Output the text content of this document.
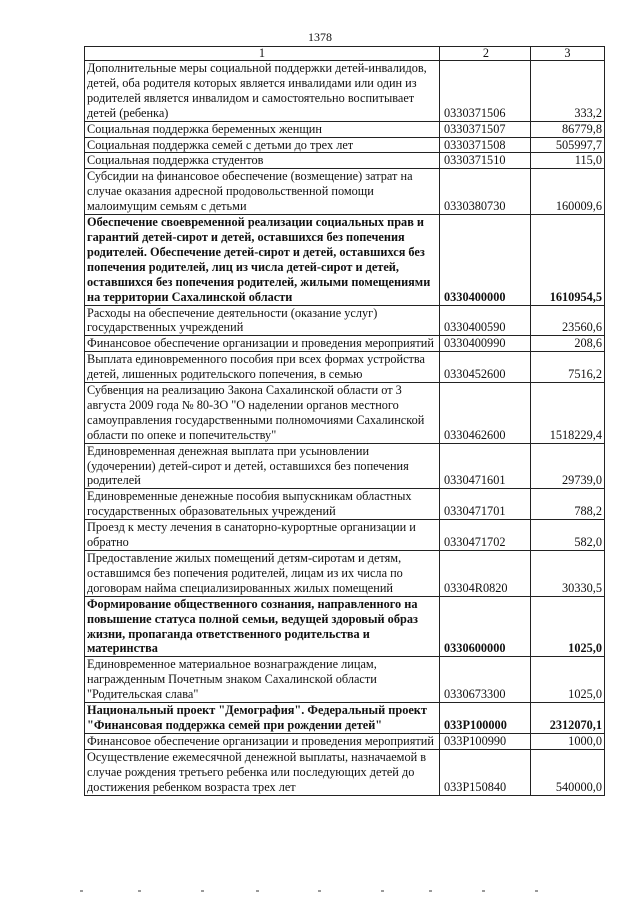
1378
1	2	3
Дополнительные меры социальной поддержки детей-инвалидов, детей, оба родителя которых является инвалидами или один из родителей является инвалидом и самостоятельно воспитывает детей (ребенка)	0330371506	333,2
Социальная поддержка беременных женщин	0330371507	86779,8
Социальная поддержка семей с детьми до трех лет	0330371508	505997,7
Социальная поддержка студентов	0330371510	115,0
Субсидии на финансовое обеспечение (возмещение) затрат на случае оказания адресной продовольственной помощи малоимущим семьям с детьми	0330380730	160009,6
Обеспечение своевременной реализации социальных прав и гарантий детей-сирот и детей, оставшихся без попечения родителей. Обеспечение детей-сирот и детей, оставшихся без попечения родителей, лиц из числа детей-сирот и детей, оставшихся без попечения родителей, жилыми помещениями на территории Сахалинской области	0330400000	1610954,5
Расходы на обеспечение деятельности (оказание услуг) государственных учреждений	0330400590	23560,6
Финансовое обеспечение организации и проведения мероприятий	0330400990	208,6
Выплата единовременного пособия при всех формах устройства детей, лишенных родительского попечения, в семью	0330452600	7516,2
Субвенция на реализацию Закона Сахалинской области от 3 августа 2009 года № 80-ЗО "О наделении органов местного самоуправления государственными полномочиями Сахалинской области по опеке и попечительству"	0330462600	1518229,4
Единовременная денежная выплата при усыновлении (удочерении) детей-сирот и детей, оставшихся без попечения родителей	0330471601	29739,0
Единовременные денежные пособия выпускникам областных государственных образовательных учреждений	0330471701	788,2
Проезд к месту лечения в санаторно-курортные организации и обратно	0330471702	582,0
Предоставление жилых помещений детям-сиротам и детям, оставшимся без попечения родителей, лицам из их числа по договорам найма специализированных жилых помещений	03304R0820	30330,5
Формирование общественного сознания, направленного на повышение статуса полной семьи, ведущей здоровый образ жизни, пропаганда ответственного родительства и материнства	0330600000	1025,0
Единовременное материальное вознаграждение лицам, награжденным Почетным знаком Сахалинской области "Родительская слава"	0330673300	1025,0
Национальный проект "Демография". Федеральный проект "Финансовая поддержка семей при рождении детей"	033P100000	2312070,1
Финансовое обеспечение организации и проведения мероприятий	033P100990	1000,0
Осуществление ежемесячной денежной выплаты, назначаемой в случае рождения третьего ребенка или последующих детей до достижения ребенком возраста трех лет	033P150840	540000,0
